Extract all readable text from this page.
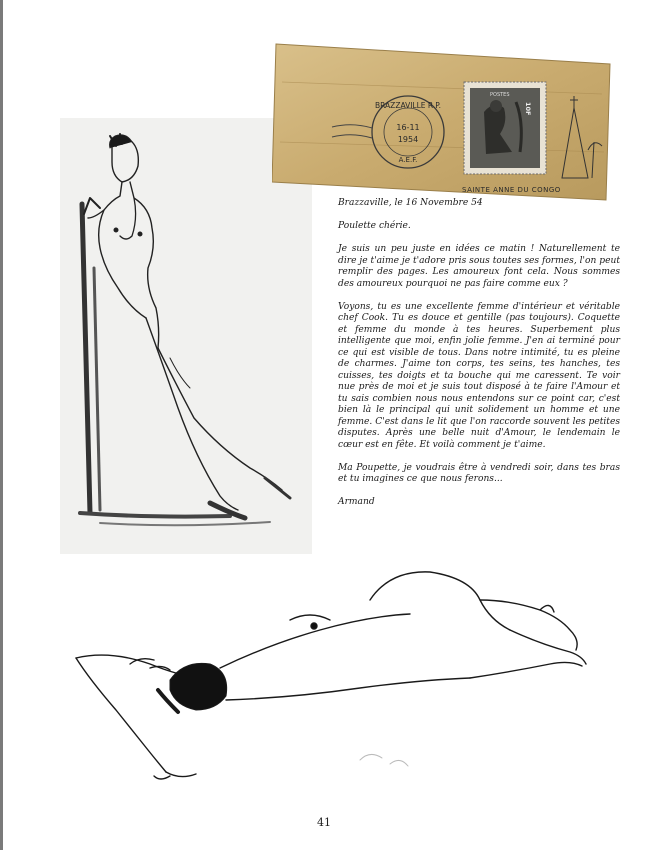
BRAZZAVILLE R.P.
16-11
1954
A.E.F.
POSTES
10F
SAINTE ANNE DU CONGO

Brazzaville, le 16 Novembre 54

Poulette chérie.

Je suis un peu juste en idées ce matin ! Naturellement te dire je t'aime je t'adore pris sous toutes ses formes, l'on peut remplir des pages. Les amoureux font cela. Nous sommes des amoureux pourquoi ne pas faire comme eux ?

Voyons, tu es une excellente femme d'intérieur et véritable chef Cook. Tu es douce et gentille (pas toujours). Coquette et femme du monde à tes heures. Superbement plus intelligente que moi, enfin jolie femme. J'en ai terminé pour ce qui est visible de tous. Dans notre intimité, tu es pleine de charmes. J'aime ton corps, tes seins, tes hanches, tes cuisses, tes doigts et ta bouche qui me caressent. Te voir nue près de moi et je suis tout disposé à te faire l'Amour et tu sais combien nous nous entendons sur ce point car, c'est bien là le principal qui unit solidement un homme et une femme. C'est dans le lit que l'on raccorde souvent les petites disputes. Après une belle nuit d'Amour, le lendemain le cœur est en fête. Et voilà comment je t'aime.

Ma Poupette, je voudrais être à vendredi soir, dans tes bras et tu imagines ce que nous ferons...

Armand

41
